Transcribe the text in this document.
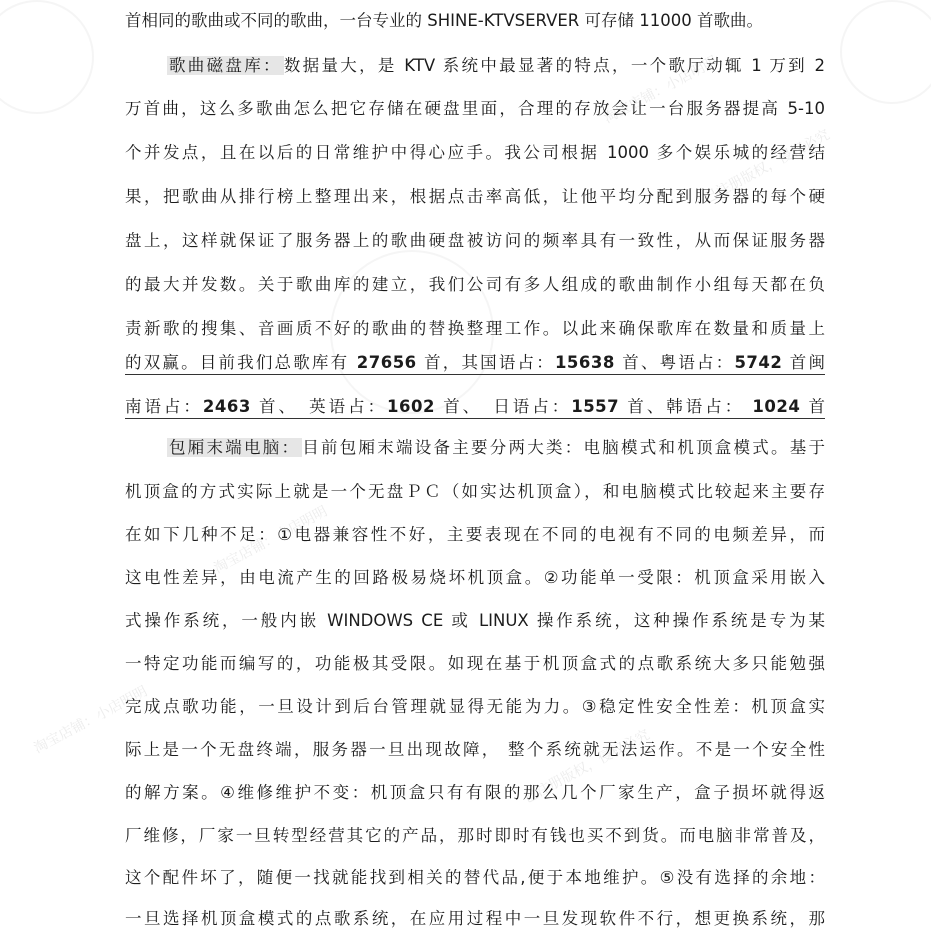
淘宝店铺：小店明明
已注册版权，侵权必究
淘宝店铺：小店明明
已注册版权，侵权必究
淘宝店铺：小店明明
首相同的歌曲或不同的歌曲，一台专业的 SHINE-KTVSERVER 可存储 11000 首歌曲。
歌曲磁盘库： 数据量大，是 KTV 系统中最显著的特点，一个歌厅动辄 1 万到 2
万首曲，这么多歌曲怎么把它存储在硬盘里面，合理的存放会让一台服务器提高 5-10
个并发点，且在以后的日常维护中得心应手。我公司根据 1000 多个娱乐城的经营结
果，把歌曲从排行榜上整理出来，根据点击率高低，让他平均分配到服务器的每个硬
盘上，这样就保证了服务器上的歌曲硬盘被访问的频率具有一致性，从而保证服务器
的最大并发数。关于歌曲库的建立，我们公司有多人组成的歌曲制作小组每天都在负
责新歌的搜集、音画质不好的歌曲的替换整理工作。以此来确保歌库在数量和质量上
的双赢。目前我们总歌库有 27656 首，其国语占：15638 首、粤语占：5742 首闽
南语占：2463 首、　英语占：1602 首、　日语占：1557 首、韩语占： 1024 首
包厢末端电脑： 目前包厢末端设备主要分两大类：电脑模式和机顶盒模式。基于
机顶盒的方式实际上就是一个无盘ＰＣ（如实达机顶盒），和电脑模式比较起来主要存
在如下几种不足：①电器兼容性不好，主要表现在不同的电视有不同的电频差异，而
这电性差异，由电流产生的回路极易烧坏机顶盒。②功能单一受限：机顶盒采用嵌入
式操作系统，一般内嵌 WINDOWS CE 或 LINUX 操作系统，这种操作系统是专为某
一特定功能而编写的，功能极其受限。如现在基于机顶盒式的点歌系统大多只能勉强
完成点歌功能，一旦设计到后台管理就显得无能为力。③稳定性安全性差：机顶盒实
际上是一个无盘终端，服务器一旦出现故障， 整个系统就无法运作。不是一个安全性
的解方案。④维修维护不变：机顶盒只有有限的那么几个厂家生产，盒子损坏就得返
厂维修，厂家一旦转型经营其它的产品，那时即时有钱也买不到货。而电脑非常普及，
这个配件坏了，随便一找就能找到相关的替代品,便于本地维护。⑤没有选择的余地：
一旦选择机顶盒模式的点歌系统，在应用过程中一旦发现软件不行，想更换系统，那
